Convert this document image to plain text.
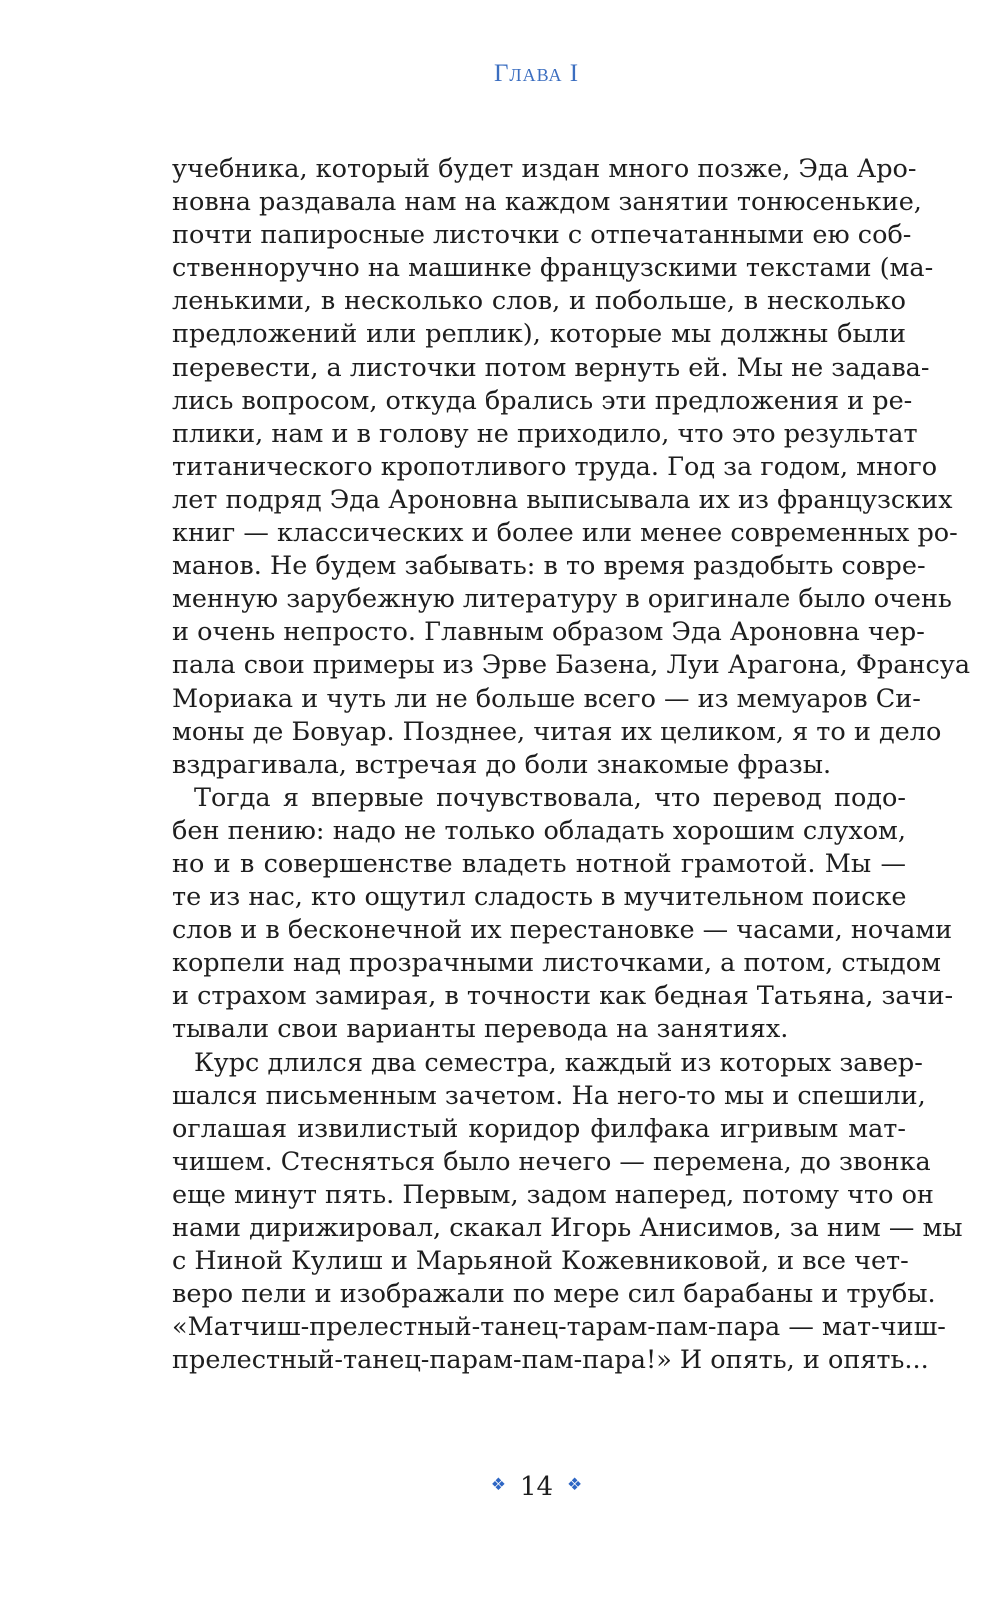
Глава I
учебника, который будет издан много позже, Эда Аро-
новна раздавала нам на каждом занятии тонюсенькие,
почти папиросные листочки с отпечатанными ею соб-
ственноручно на машинке французскими текстами (ма-
ленькими, в несколько слов, и побольше, в несколько
предложений или реплик), которые мы должны были
перевести, а листочки потом вернуть ей. Мы не задава-
лись вопросом, откуда брались эти предложения и ре-
плики, нам и в голову не приходило, что это результат
титанического кропотливого труда. Год за годом, много
лет подряд Эда Ароновна выписывала их из французских
книг — классических и более или менее современных ро-
манов. Не будем забывать: в то время раздобыть совре-
менную зарубежную литературу в оригинале было очень
и очень непросто. Главным образом Эда Ароновна чер-
пала свои примеры из Эрве Базена, Луи Арагона, Франсуа
Мориака и чуть ли не больше всего — из мемуаров Си-
моны де Бовуар. Позднее, читая их целиком, я то и дело
вздрагивала, встречая до боли знакомые фразы.
Тогда я впервые почувствовала, что перевод подо-
бен пению: надо не только обладать хорошим слухом,
но и в совершенстве владеть нотной грамотой. Мы —
те из нас, кто ощутил сладость в мучительном поиске
слов и в бесконечной их перестановке — часами, ночами
корпели над прозрачными листочками, а потом, стыдом
и страхом замирая, в точности как бедная Татьяна, зачи-
тывали свои варианты перевода на занятиях.
Курс длился два семестра, каждый из которых завер-
шался письменным зачетом. На него-то мы и спешили,
оглашая извилистый коридор филфака игривым мат-
чишем. Стесняться было нечего — перемена, до звонка
еще минут пять. Первым, задом наперед, потому что он
нами дирижировал, скакал Игорь Анисимов, за ним — мы
с Ниной Кулиш и Марьяной Кожевниковой, и все чет-
веро пели и изображали по мере сил барабаны и трубы.
«Матчиш-прелестный-танец-тарам-пам-пара — мат-чиш-
прелестный-танец-парам-пам-пара!» И опять, и опять...
❖ 14 ❖
